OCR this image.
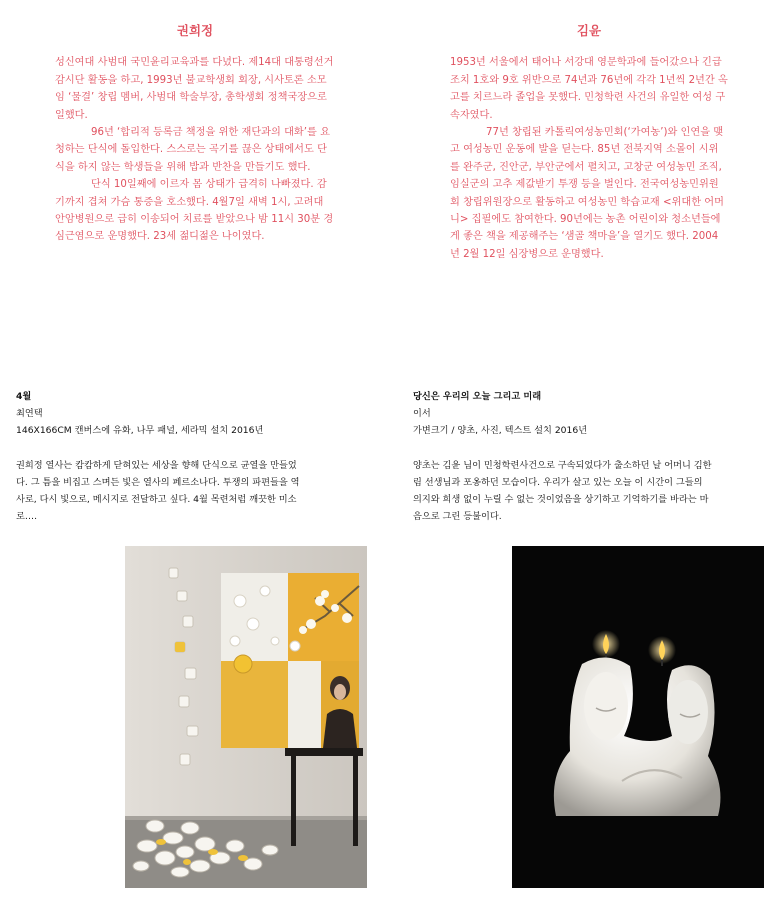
권희정

성신여대 사범대 국민윤리교육과를 다녔다. 제14대 대통령선거 감시단 활동을 하고, 1993년 불교학생회 회장, 시사토론 소모임 ‘물결’ 창립 멤버, 사범대 학술부장, 총학생회 정책국장으로 일했다.

96년 ‘합리적 등록금 책정을 위한 재단과의 대화’를 요청하는 단식에 돌입한다. 스스로는 곡기를 끊은 상태에서도 단식을 하지 않는 학생들을 위해 밥과 반찬을 만들기도 했다.

단식 10일째에 이르자 몸 상태가 급격히 나빠졌다. 감기까지 겹쳐 가슴 통증을 호소했다. 4월7일 새벽 1시, 고려대 안암병원으로 급히 이송되어 치료를 받았으나 밤 11시 30분 경 심근염으로 운명했다. 23세 젊디젊은 나이였다.

김윤

1953년 서울에서 태어나 서강대 영문학과에 들어갔으나 긴급조치 1호와 9호 위반으로 74년과 76년에 각각 1년씩 2년간 옥고를 치르느라 졸업을 못했다. 민청학련 사건의 유일한 여성 구속자였다.

77년 창립된 카톨릭여성농민회(‘가여농’)와 인연을 맺고 여성농민 운동에 발을 딛는다. 85년 전북지역 소몰이 시위를 완주군, 진안군, 부안군에서 펼치고, 고창군 여성농민 조직, 임실군의 고추 제값받기 투쟁 등을 벌인다. 전국여성농민위원회 창립위원장으로 활동하고 여성농민 학습교재 <위대한 어머니> 집필에도 참여한다. 90년에는 농촌 어린이와 청소년들에게 좋은 책을 제공해주는 ‘샘골 책마을’을 열기도 했다. 2004년 2월 12일 심장병으로 운명했다.

4월
최연택
146X166CM 캔버스에 유화, 나무 패널, 세라믹 설치 2016년

권희정 열사는 캄캄하게 닫혀있는 세상을 향해 단식으로 균열을 만들었다. 그 틈을 비집고 스며든 빛은 열사의 페르소나다. 투쟁의 파편들을 역사로, 다시 빛으로, 메시지로 전달하고 싶다. 4월 목련처럼 깨끗한 미소로….

당신은 우리의 오늘 그리고 미래
이서
가변크기 / 양초, 사진, 텍스트 설치 2016년

양초는 김윤 님이 민청학련사건으로 구속되었다가 출소하던 날 어머니 김한림 선생님과 포옹하던 모습이다. 우리가 살고 있는 오늘 이 시간이 그들의 의지와 희생 없이 누릴 수 없는 것이었음을 상기하고 기억하기를 바라는 마음으로 그린 등불이다.
